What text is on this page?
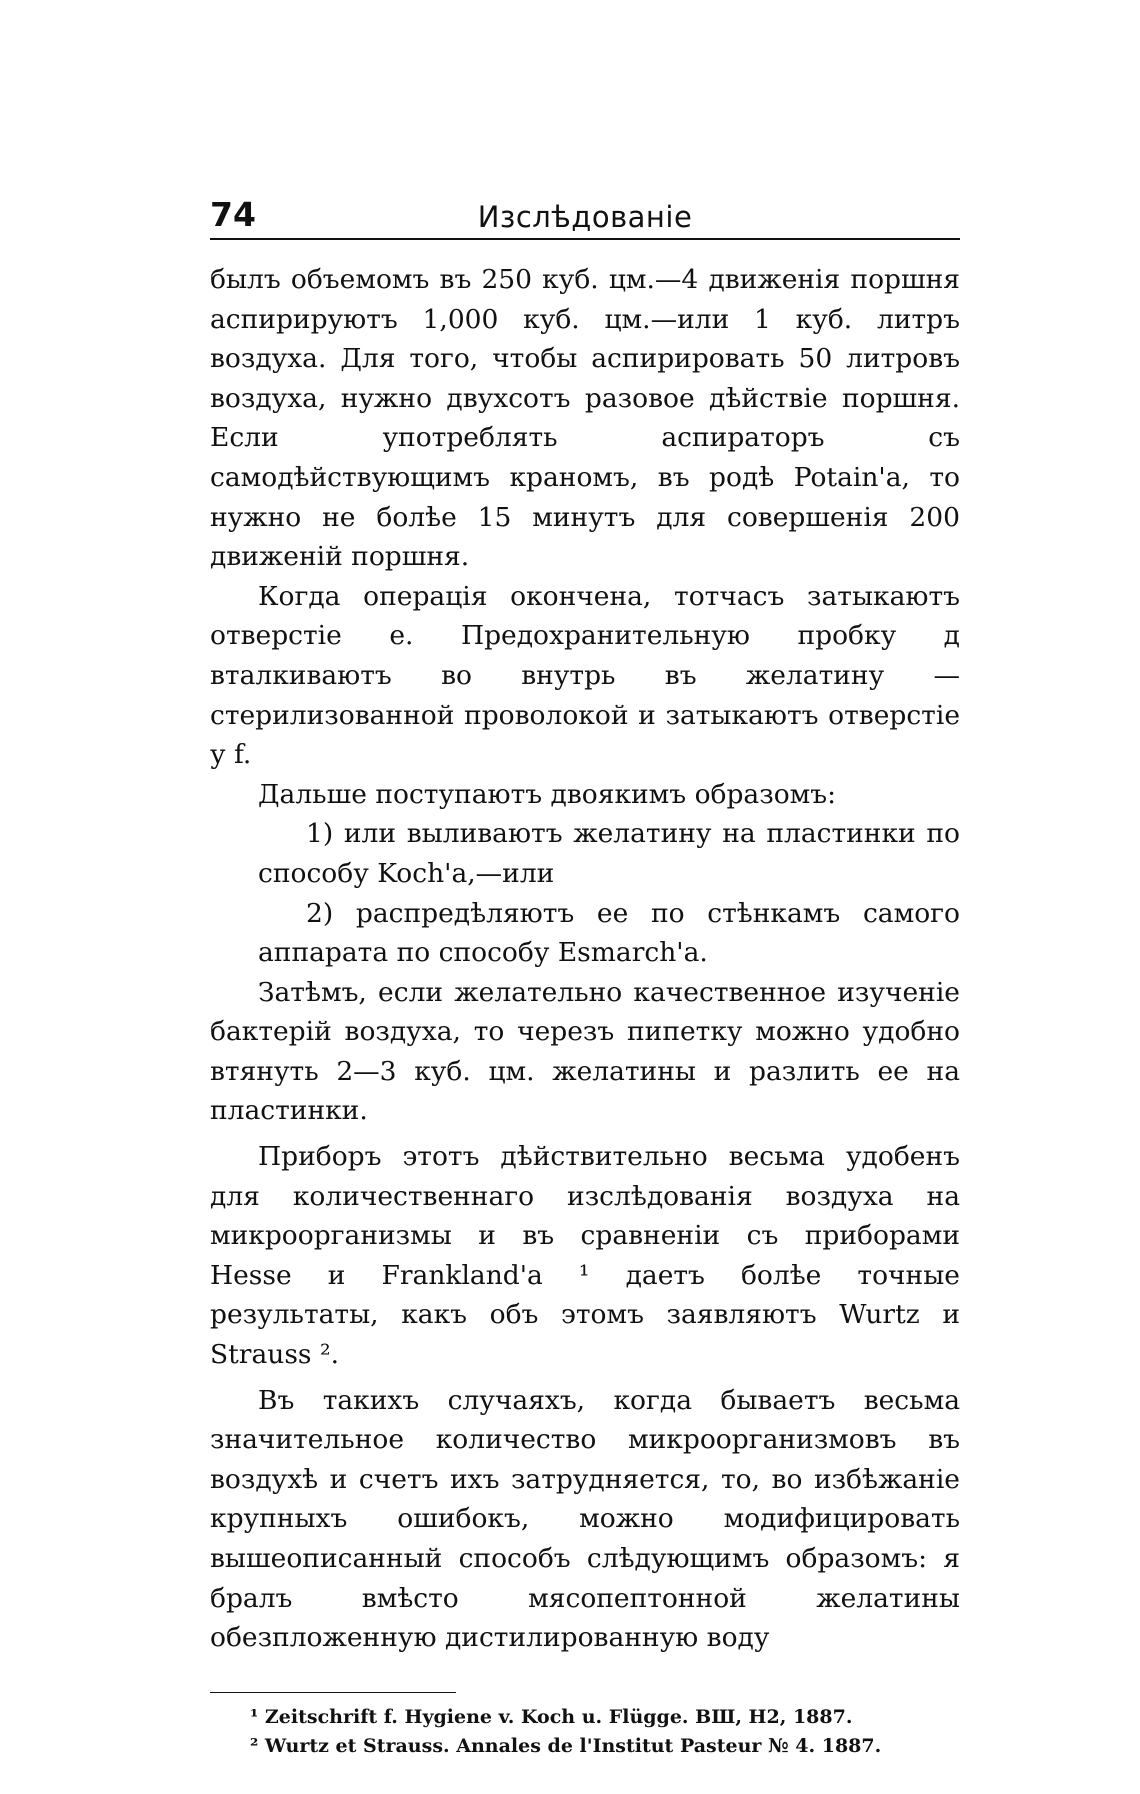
74	Изслѣдованіе

былъ объемомъ въ 250 куб. цм.—4 движенія поршня аспирируютъ 1,000 куб. цм.—или 1 куб. литръ воздуха. Для того, чтобы аспирировать 50 литровъ воздуха, нужно двухсотъ разовое дѣйствіе поршня. Если употреблять аспираторъ съ самодѣйствующимъ краномъ, въ родѣ Potain'а, то нужно не болѣе 15 минутъ для совершенія 200 движеній поршня.

Когда операція окончена, тотчасъ затыкаютъ отверстіе е. Предохранительную пробку д вталкиваютъ во внутрь въ желатину — стерилизованной проволокой и затыкаютъ отверстіе у f.

Дальше поступаютъ двоякимъ образомъ:

1) или выливаютъ желатину на пластинки по способу Koch'а,—или

2) распредѣляютъ ее по стѣнкамъ самого аппарата по способу Esmarch'а.

Затѣмъ, если желательно качественное изученіе бактерій воздуха, то черезъ пипетку можно удобно втянуть 2—3 куб. цм. желатины и разлить ее на пластинки.

Приборъ этотъ дѣйствительно весьма удобенъ для количественнаго изслѣдованія воздуха на микроорганизмы и въ сравненіи съ приборами Hesse и Frankland'а ¹ даетъ болѣе точные результаты, какъ объ этомъ заявляютъ Wurtz и Strauss ².

Въ такихъ случаяхъ, когда бываетъ весьма значительное количество микроорганизмовъ въ воздухѣ и счетъ ихъ затрудняется, то, во избѣжаніе крупныхъ ошибокъ, можно модифицировать вышеописанный способъ слѣдующимъ образомъ: я бралъ вмѣсто мясопептонной желатины обезпложенную дистилированную воду

¹ Zeitschrift f. Hygiene v. Koch u. Flügge. ВШ, H2, 1887.
² Wurtz et Strauss. Annales de l'Institut Pasteur № 4. 1887.
